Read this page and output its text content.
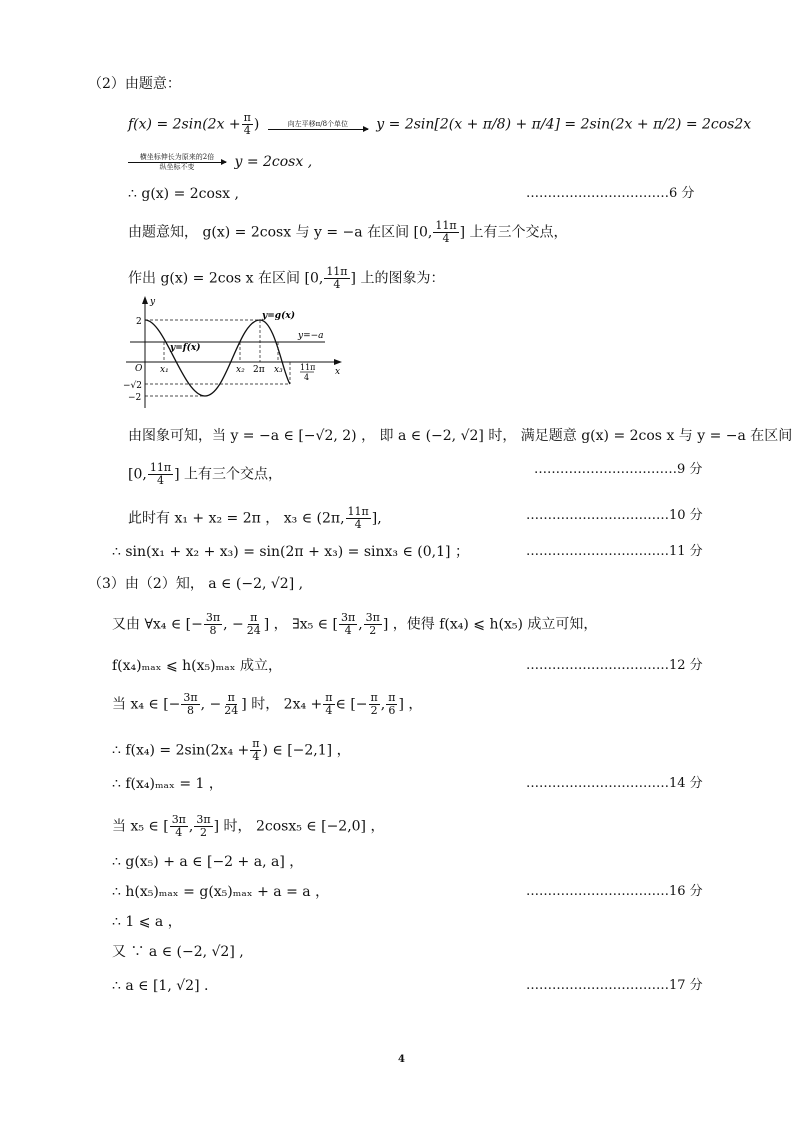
（2）由题意：
$f(x) = 2\sin(2x + \frac{\pi}{4}$ )	向左平移π/8个单位 y = 2sin[2(x + π/8) + π/4] = 2sin(2x + π/2) = 2cos2x
横坐标伸长为原来的2倍
纵坐标不变	y = 2cosx ,
∴ g(x) = 2cosx ,	……………………………6 分
由题意知， g(x) = 2cosx 与 y = −a 在区间 [0, $\frac{11\pi}{4}$ ] 上有三个交点，
作出 g(x) = 2cos x 在区间 [0, $\frac{11\pi}{4}$ ] 上的图象为：
y
x
O
2
−√2
−2
y=g(x)
y=−a
y=f(x)
x₁	x₂ 2π x₃ 11π
4
由图象可知，当 y = −a ∈ [−√2, 2) ， 即 a ∈ (−2, √2] 时， 满足题意 g(x) = 2cos x 与 y = −a 在区间
[0, $\frac{11\pi}{4}$ ] 上有三个交点，	……………………………9 分
此时有 x₁ + x₂ = 2π ， x₃ ∈ (2π, $\frac{11\pi}{4}$ ],	……………………………10 分
∴ sin(x₁ + x₂ + x₃) = sin(2π + x₃) = sinx₃ ∈ (0,1] ；	……………………………11 分
（3）由（2）知， a ∈ (−2, √2] ,
又由 ∀x₄ ∈ [− $\frac{3\pi}{8}$ , − $\frac{\pi}{24}$ ] ， ∃x₅ ∈ [ $\frac{3\pi}{4}$ , $\frac{3\pi}{2}$ ] ，使得 f(x₄) ⩽ h(x₅) 成立可知，
f(x₄)ₘₐₓ ⩽ h(x₅)ₘₐₓ 成立，	……………………………12 分
当 x₄ ∈ [− $\frac{3\pi}{8}$ , − $\frac{\pi}{24}$ ] 时， $2x_4 + \frac{\pi}{4}$ ∈ [− $\frac{\pi}{2}$ , $\frac{\pi}{6}$ ] ，
∴ $f(x_4) = 2\sin(2x_4 + \frac{\pi}{4}$ ) ∈ [−2,1] ，
∴ f(x₄)ₘₐₓ = 1 ，	……………………………14 分
当 x₅ ∈ [ $\frac{3\pi}{4}$ , $\frac{3\pi}{2}$ ] 时， 2cosx₅ ∈ [−2,0] ，
∴ g(x₅) + a ∈ [−2 + a, a] ，
∴ h(x₅)ₘₐₓ = g(x₅)ₘₐₓ + a = a ，	……………………………16 分
∴ 1 ⩽ a ，
又 ∵ a ∈ (−2, √2] ,
∴ a ∈ [1, √2] .	……………………………17 分
4
